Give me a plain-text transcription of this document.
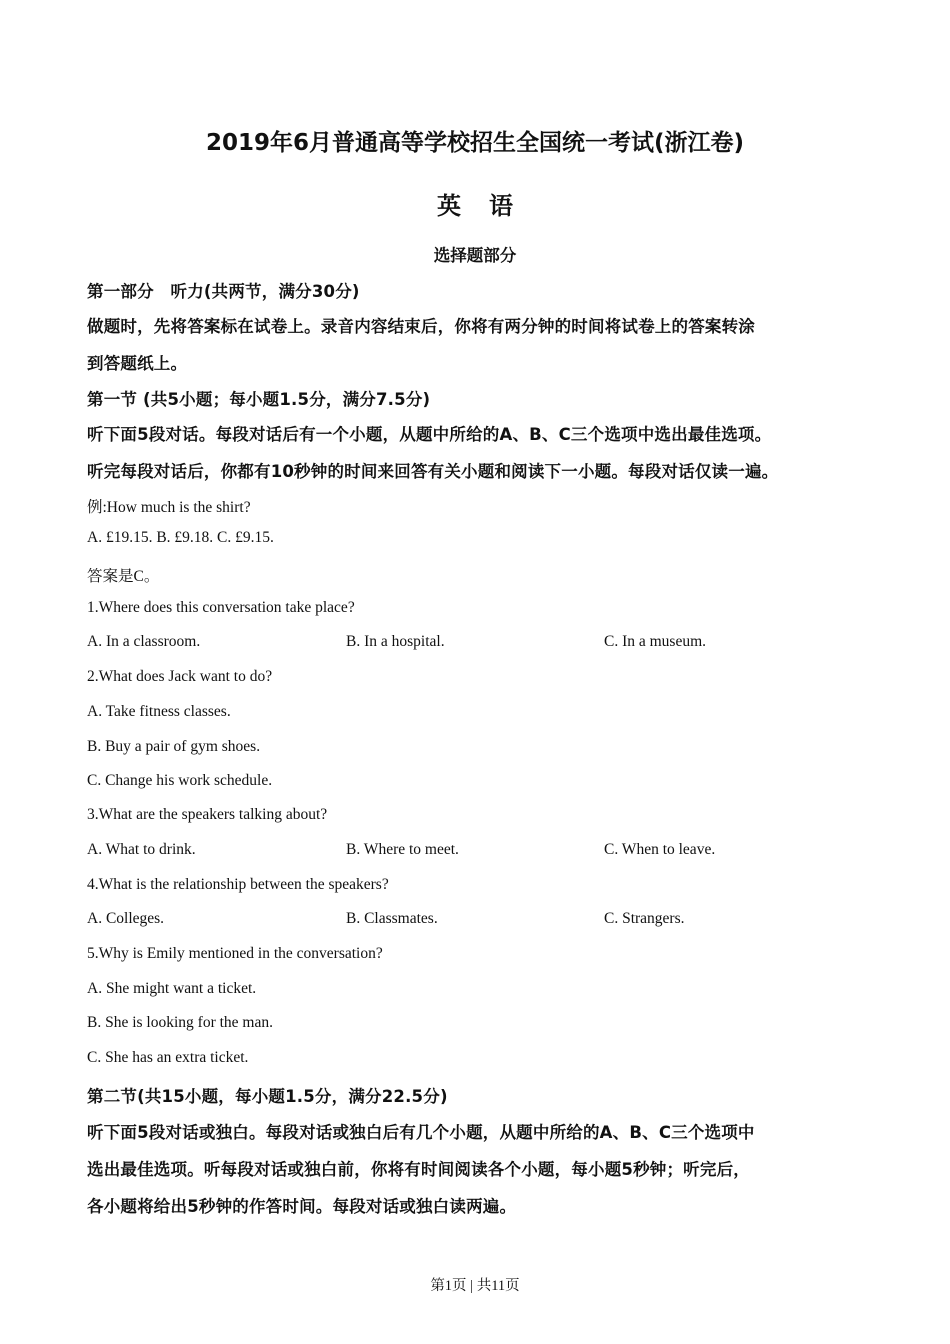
2019年6月普通高等学校招生全国统一考试(浙江卷)
英语
选择题部分
第一部分　听力(共两节，满分30分)
做题时，先将答案标在试卷上。录音内容结束后，你将有两分钟的时间将试卷上的答案转涂
到答题纸上。
第一节 (共5小题；每小题1.5分，满分7.5分)
听下面5段对话。每段对话后有一个小题，从题中所给的A、B、C三个选项中选出最佳选项。
听完每段对话后，你都有10秒钟的时间来回答有关小题和阅读下一小题。每段对话仅读一遍。
例:How much is the shirt?
A. £19.15. B. £9.18. C. £9.15.
答案是C。
1.Where does this conversation take place?
A. In a classroom.	B. In a hospital.	C. In a museum.
2.What does Jack want to do?
A. Take fitness classes.
B. Buy a pair of gym shoes.
C. Change his work schedule.
3.What are the speakers talking about?
A. What to drink.	B. Where to meet.	C. When to leave.
4.What is the relationship between the speakers?
A. Colleges.	B. Classmates.	C. Strangers.
5.Why is Emily mentioned in the conversation?
A. She might want a ticket.
B. She is looking for the man.
C. She has an extra ticket.
第二节(共15小题，每小题1.5分，满分22.5分)
听下面5段对话或独白。每段对话或独白后有几个小题，从题中所给的A、B、C三个选项中
选出最佳选项。听每段对话或独白前，你将有时间阅读各个小题，每小题5秒钟；听完后，
各小题将给出5秒钟的作答时间。每段对话或独白读两遍。
第1页 | 共11页
